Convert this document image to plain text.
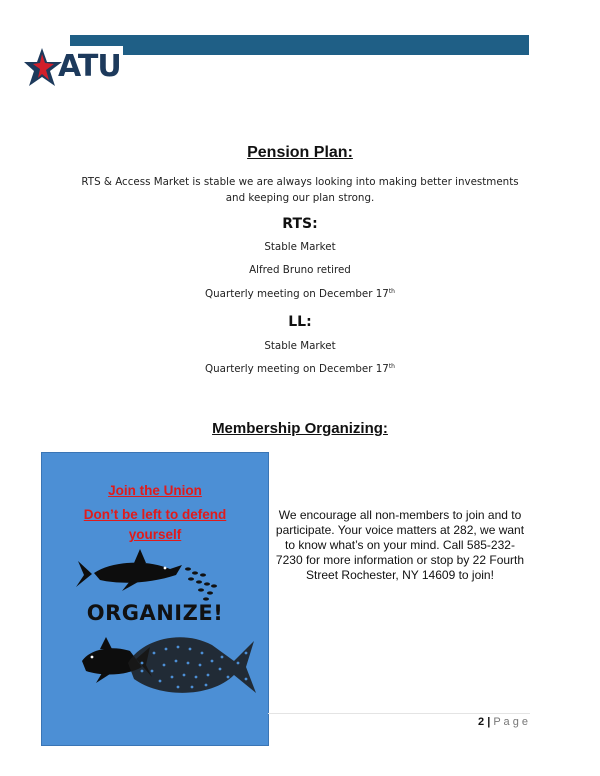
ATU
Pension Plan:
RTS & Access Market is stable we are always looking into making better investments and keeping our plan strong.
RTS:
Stable Market
Alfred Bruno retired
Quarterly meeting on December 17th
LL:
Stable Market
Quarterly meeting on December 17th
Membership Organizing:
Join the Union
Don’t be left to defend
yourself
ORGANIZE!
We encourage all non-members to join and to participate. Your voice matters at 282, we want to know what’s on your mind. Call 585-232-7230 for more information or stop by 22 Fourth Street Rochester, NY 14609 to join!
2 | P a g e
